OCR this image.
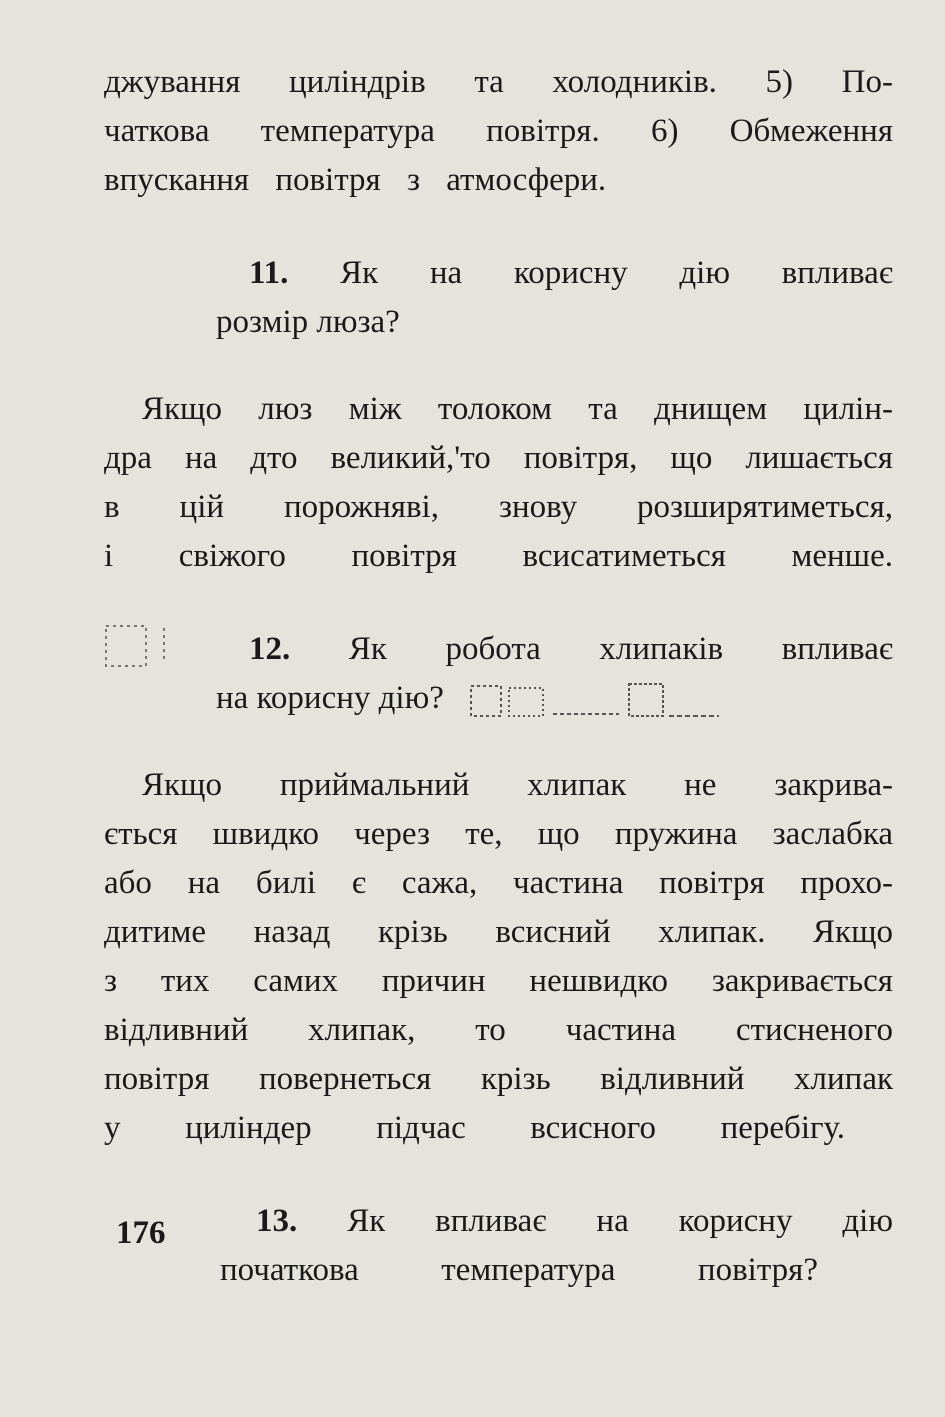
джування циліндрів та холодників. 5) По-
чаткова температура повітря. 6) Обмеження
впускання повітря з атмосфери.
11. Як на корисну дію впливає
розмір люза?
Якщо люз між толоком та днищем цилін-
дра на дто великий,'то повітря, що лишається
в цій порожняві, знову розширятиметься,
і свіжого повітря всисатиметься менше.
12. Як робота хлипаків впливає
на корисну дію?
Якщо приймальний хлипак не закрива-
ється швидко через те, що пружина заслабка
або на билі є сажа, частина повітря прохо-
дитиме назад крізь всисний хлипак. Якщо
з тих самих причин нешвидко закривається
відливний хлипак, то частина стисненого
повітря повернеться крізь відливний хлипак
у циліндер підчас всисного перебігу.
13. Як впливає на корисну дію
початкова температура повітря?
176
